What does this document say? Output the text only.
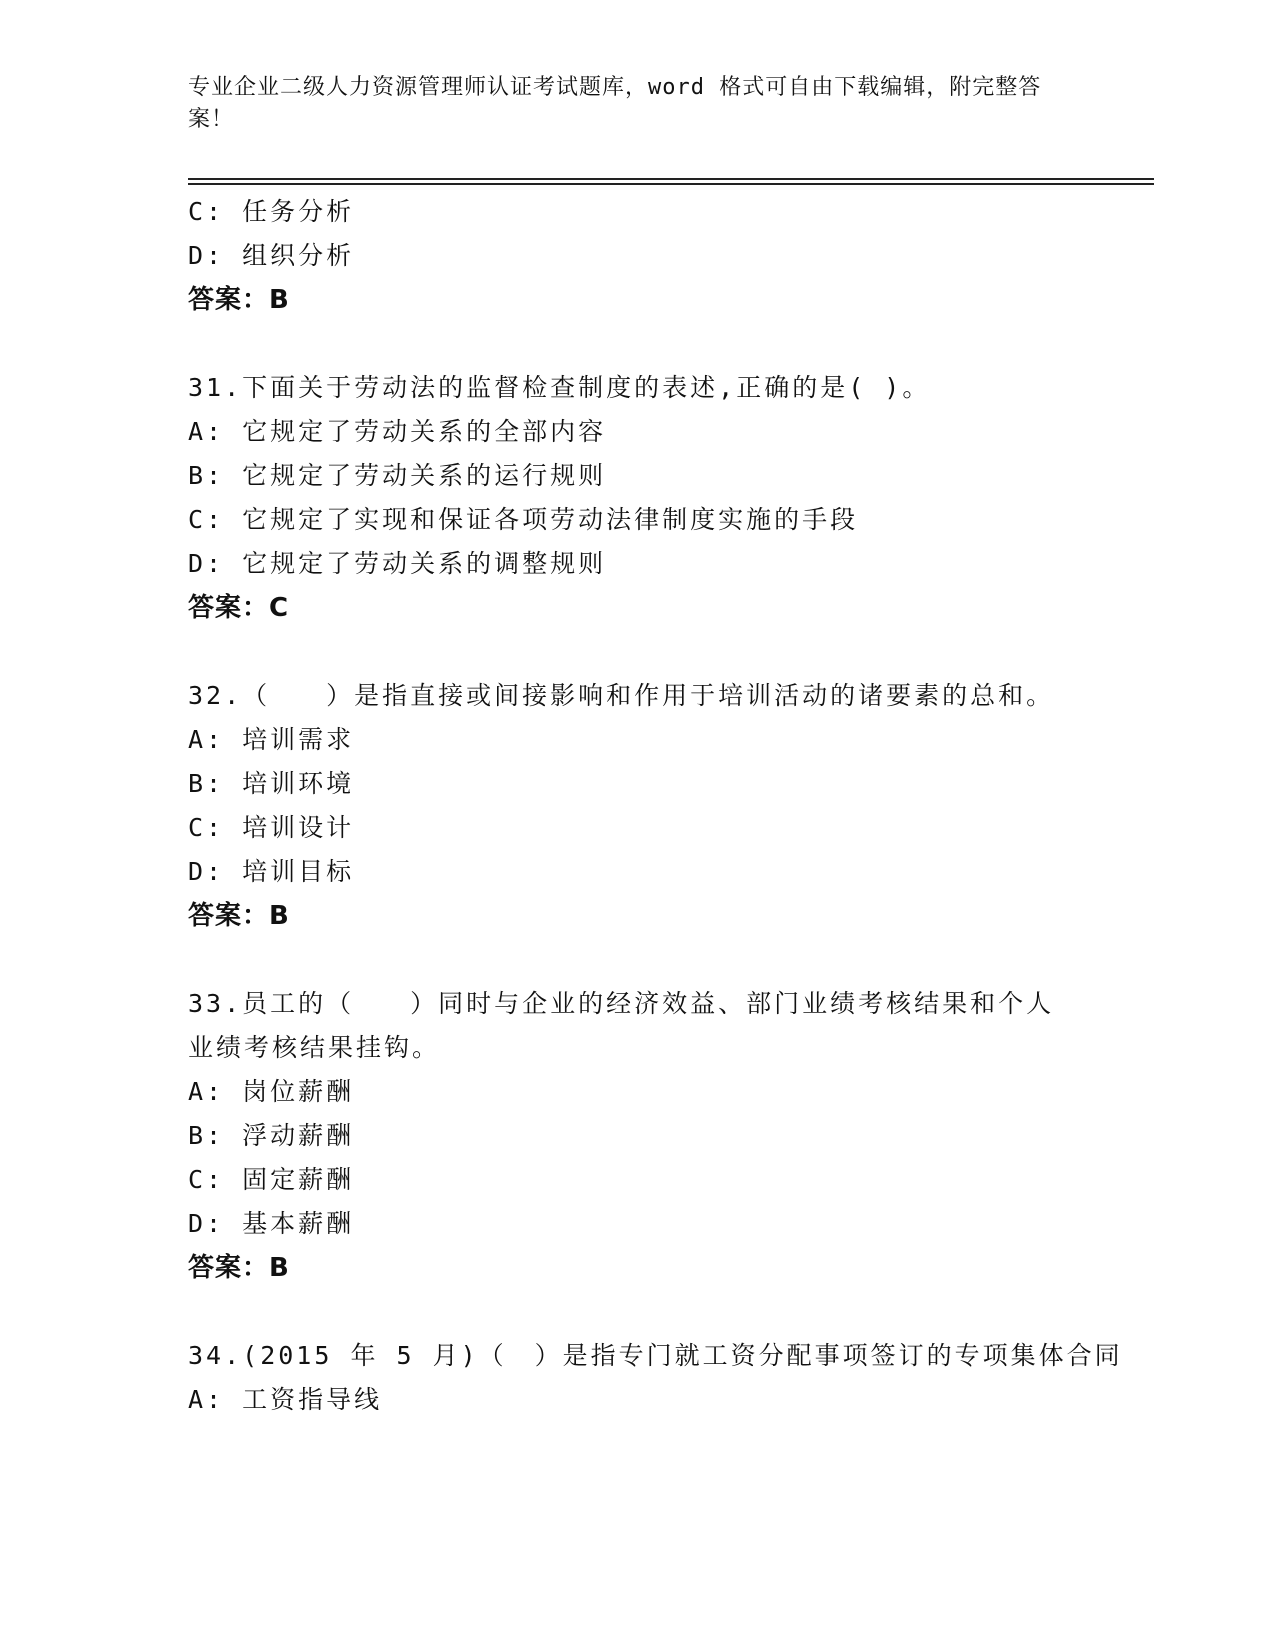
专业企业二级人力资源管理师认证考试题库，word 格式可自由下载编辑，附完整答案！
C: 任务分析
D: 组织分析
答案：B
31.下面关于劳动法的监督检查制度的表述,正确的是( )。
A: 它规定了劳动关系的全部内容
B: 它规定了劳动关系的运行规则
C: 它规定了实现和保证各项劳动法律制度实施的手段
D: 它规定了劳动关系的调整规则
答案：C
32.（　　）是指直接或间接影响和作用于培训活动的诸要素的总和。
A: 培训需求
B: 培训环境
C: 培训设计
D: 培训目标
答案：B
33.员工的（　　）同时与企业的经济效益、部门业绩考核结果和个人
业绩考核结果挂钩。
A: 岗位薪酬
B: 浮动薪酬
C: 固定薪酬
D: 基本薪酬
答案：B
34.(2015 年 5 月)（　）是指专门就工资分配事项签订的专项集体合同
A: 工资指导线
